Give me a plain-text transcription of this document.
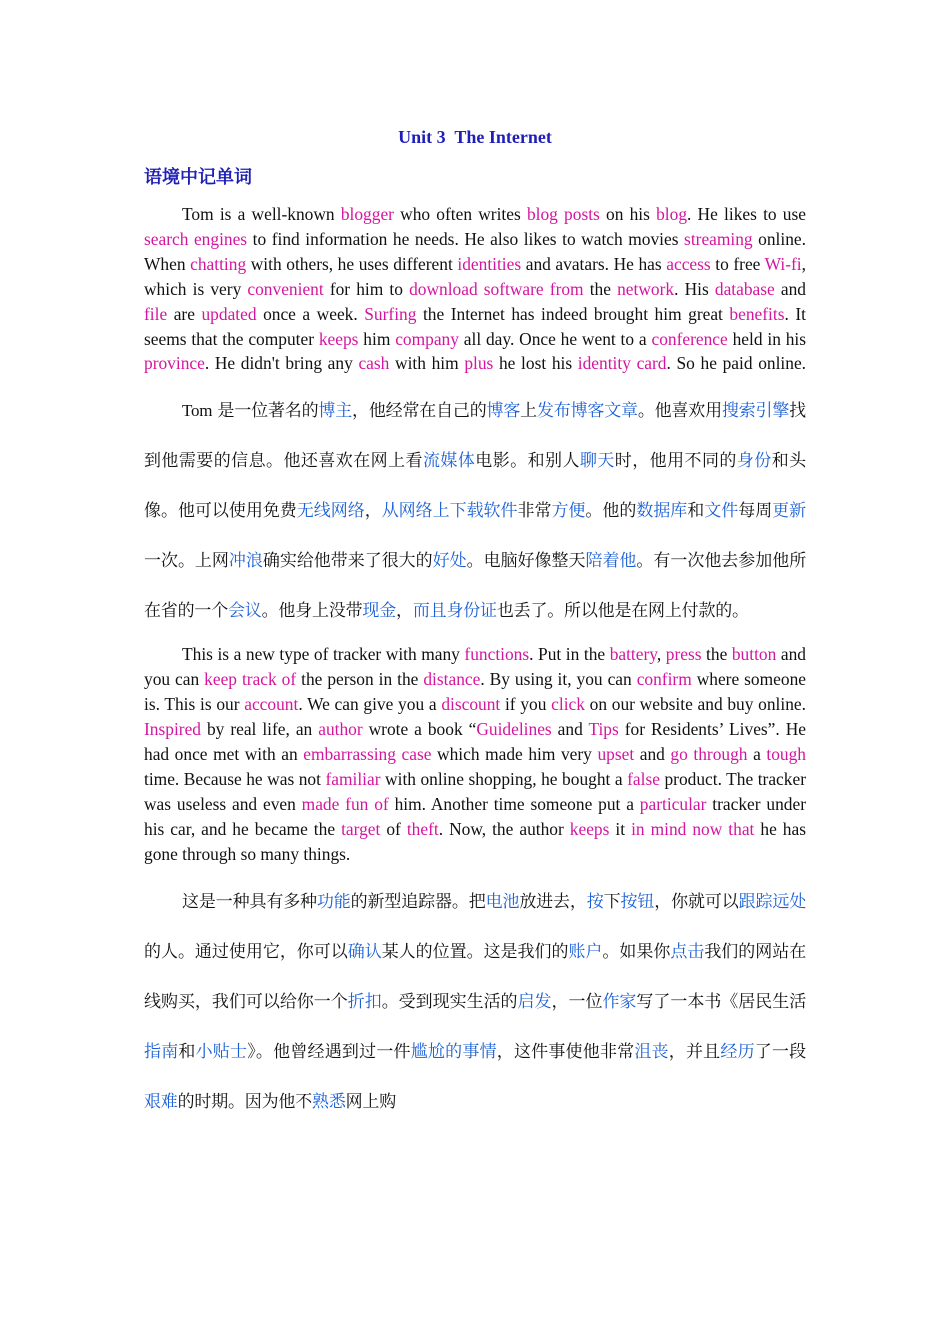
Unit 3  The Internet
语境中记单词

Tom is a well-known blogger who often writes blog posts on his blog. He likes to use search engines to find information he needs. He also likes to watch movies streaming online. When chatting with others, he uses different identities and avatars. He has access to free Wi-fi, which is very convenient for him to download software from the network. His database and file are updated once a week. Surfing the Internet has indeed brought him great benefits. It seems that the computer keeps him company all day. Once he went to a conference held in his province. He didn't bring any cash with him plus he lost his identity card. So he paid online.

Tom 是一位著名的博主，他经常在自己的博客上发布博客文章。他喜欢用搜索引擎找到他需要的信息。他还喜欢在网上看流媒体电影。和别人聊天时，他用不同的身份和头像。他可以使用免费无线网络，从网络上下载软件非常方便。他的数据库和文件每周更新一次。上网冲浪确实给他带来了很大的好处。电脑好像整天陪着他。有一次他去参加他所在省的一个会议。他身上没带现金，而且身份证也丢了。所以他是在网上付款的。

This is a new type of tracker with many functions. Put in the battery, press the button and you can keep track of the person in the distance. By using it, you can confirm where someone is. This is our account. We can give you a discount if you click on our website and buy online. Inspired by real life, an author wrote a book “Guidelines and Tips for Residents’ Lives”. He had once met with an embarrassing case which made him very upset and go through a tough time. Because he was not familiar with online shopping, he bought a false product. The tracker was useless and even made fun of him. Another time someone put a particular tracker under his car, and he became the target of theft. Now, the author keeps it in mind now that he has gone through so many things.

这是一种具有多种功能的新型追踪器。把电池放进去，按下按钮，你就可以跟踪远处的人。通过使用它，你可以确认某人的位置。这是我们的账户。如果你点击我们的网站在线购买，我们可以给你一个折扣。受到现实生活的启发，一位作家写了一本书《居民生活指南和小贴士》。他曾经遇到过一件尴尬的事情，这件事使他非常沮丧，并且经历了一段艰难的时期。因为他不熟悉网上购
